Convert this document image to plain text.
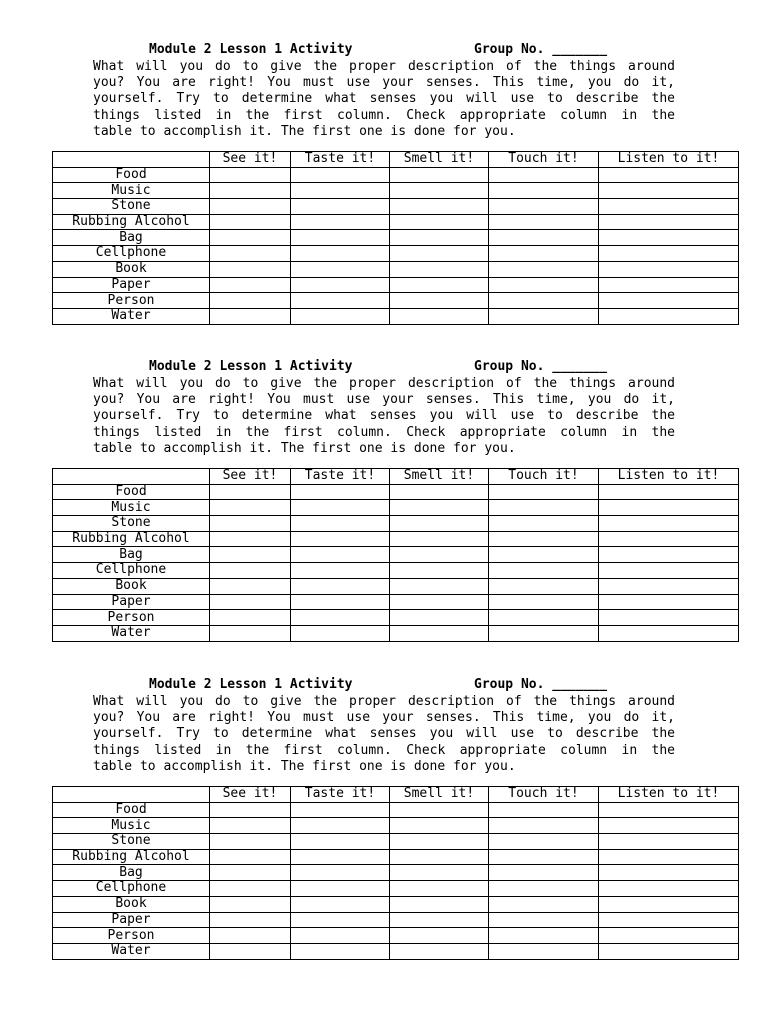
Module 2 Lesson 1 Activity	Group No. _______
What will you do to give the proper description of the things around
you? You are right! You must use your senses. This time, you do it,
yourself. Try to determine what senses you will use to describe the
things listed in the first column. Check appropriate column in the
table to accomplish it. The first one is done for you.
	See it!	Taste it!	Smell it!	Touch it!	Listen to it!
Food					
Music					
Stone					
Rubbing Alcohol					
Bag					
Cellphone					
Book					
Paper					
Person					
Water					
Module 2 Lesson 1 Activity	Group No. _______
What will you do to give the proper description of the things around
you? You are right! You must use your senses. This time, you do it,
yourself. Try to determine what senses you will use to describe the
things listed in the first column. Check appropriate column in the
table to accomplish it. The first one is done for you.
	See it!	Taste it!	Smell it!	Touch it!	Listen to it!
Food					
Music					
Stone					
Rubbing Alcohol					
Bag					
Cellphone					
Book					
Paper					
Person					
Water					
Module 2 Lesson 1 Activity	Group No. _______
What will you do to give the proper description of the things around
you? You are right! You must use your senses. This time, you do it,
yourself. Try to determine what senses you will use to describe the
things listed in the first column. Check appropriate column in the
table to accomplish it. The first one is done for you.
	See it!	Taste it!	Smell it!	Touch it!	Listen to it!
Food					
Music					
Stone					
Rubbing Alcohol					
Bag					
Cellphone					
Book					
Paper					
Person					
Water					
